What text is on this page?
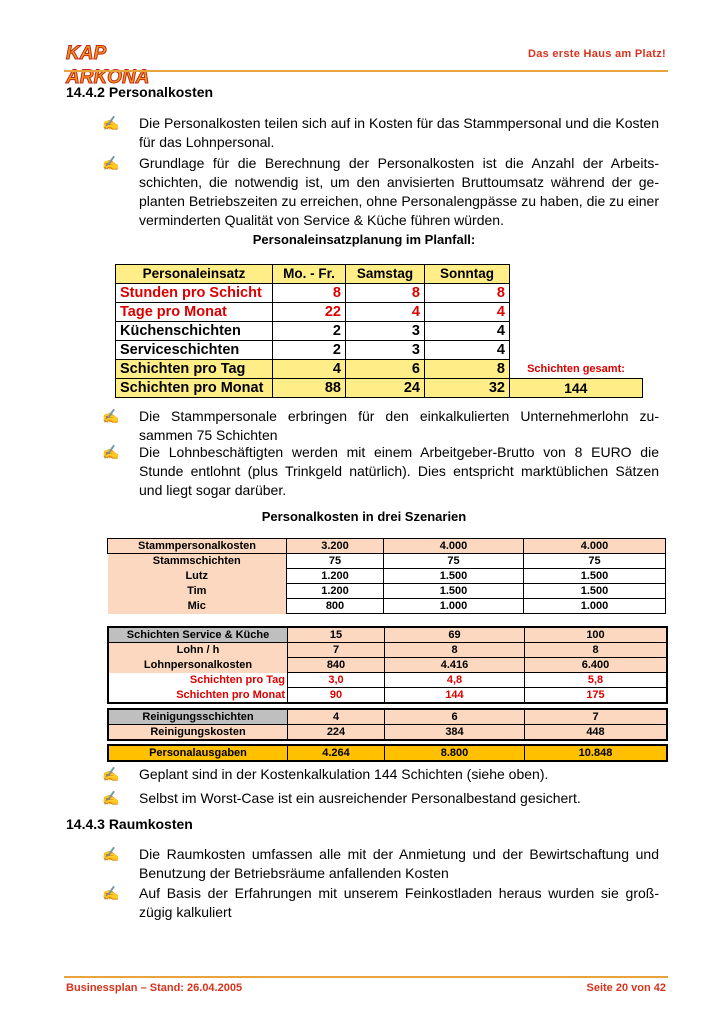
KAP ARKONA
Das erste Haus am Platz!
14.4.2 Personalkosten
✍ Die Personalkosten teilen sich auf in Kosten für das Stammpersonal und die Kosten für das Lohnpersonal.
✍ Grundlage für die Berechnung der Personalkosten ist die Anzahl der Arbeits-schichten, die notwendig ist, um den anvisierten Bruttoumsatz während der ge-planten Betriebszeiten zu erreichen, ohne Personalengpässe zu haben, die zu einer verminderten Qualität von Service & Küche führen würden.
Personaleinsatzplanung im Planfall:
Personaleinsatz	Mo. - Fr.	Samstag	Sonntag	
Stunden pro Schicht	8	8	8	
Tage pro Monat	22	4	4	
Küchenschichten	2	3	4	
Serviceschichten	2	3	4	
Schichten pro Tag	4	6	8	Schichten gesamt:
Schichten pro Monat	88	24	32	144
✍ Die Stammpersonale erbringen für den einkalkulierten Unternehmerlohn zu-sammen 75 Schichten
✍ Die Lohnbeschäftigten werden mit einem Arbeitgeber-Brutto von 8 EURO die Stunde entlohnt (plus Trinkgeld natürlich). Dies entspricht marktüblichen Sätzen und liegt sogar darüber.
Personalkosten in drei Szenarien
Stammpersonalkosten	3.200	4.000	4.000
Stammschichten	75	75	75
Lutz	1.200	1.500	1.500
Tim	1.200	1.500	1.500
Mic	800	1.000	1.000
Schichten Service & Küche	15	69	100
Lohn / h	7	8	8
Lohnpersonalkosten	840	4.416	6.400
Schichten pro Tag	3,0	4,8	5,8
Schichten pro Monat	90	144	175
Reinigungsschichten	4	6	7
Reinigungskosten	224	384	448
Personalausgaben	4.264	8.800	10.848
✍ Geplant sind in der Kostenkalkulation 144 Schichten (siehe oben).
✍ Selbst im Worst-Case ist ein ausreichender Personalbestand gesichert.
14.4.3 Raumkosten
✍ Die Raumkosten umfassen alle mit der Anmietung und der Bewirtschaftung und Benutzung der Betriebsräume anfallenden Kosten
✍ Auf Basis der Erfahrungen mit unserem Feinkostladen heraus wurden sie groß-zügig kalkuliert
Businessplan – Stand: 26.04.2005	Seite 20 von 42
